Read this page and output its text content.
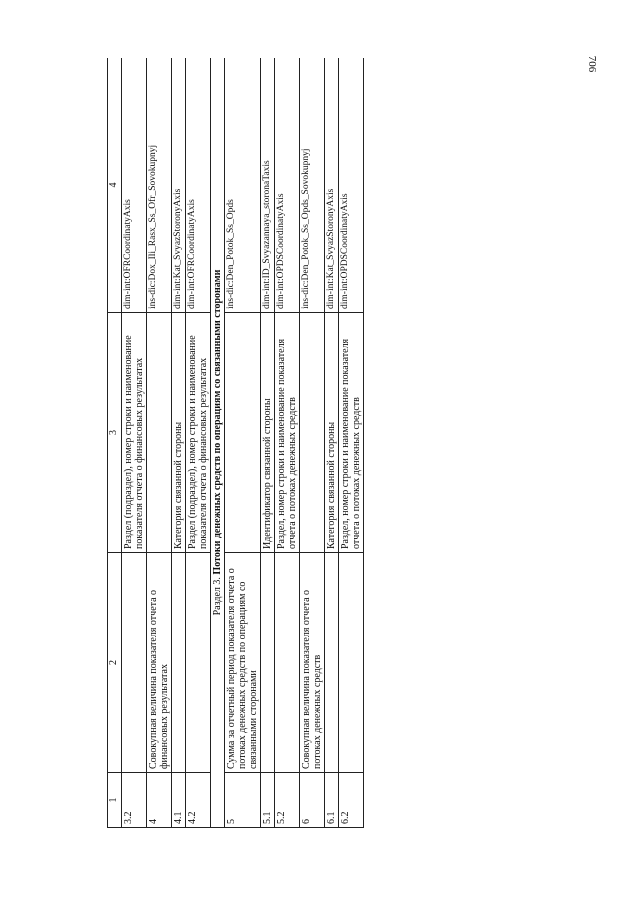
706
1	2	3	4
3.2		Раздел (подраздел), номер строки и наименование показателя отчета о финансовых результатах	dim-int:OFRCoordinatyAxis
4	Совокупная величина показателя отчета о финансовых результатах		ins-dic:Dox_Ili_Rasx_Ss_Ofr_Sovokupnyj
4.1		Категория связанной стороны	dim-int:Kat_SvyazStoronyAxis
4.2		Раздел (подраздел), номер строки и наименование показателя отчета о финансовых результатах	dim-int:OFRCoordinatyAxis
Раздел 3. Потоки денежных средств по операциям со связанными сторонами			
5	Сумма за отчетный период показателя отчета о потоках денежных средств по операциям со связанными сторонами		ins-dic:Den_Potok_Ss_Opds
5.1		Идентификатор связанной стороны	dim-int:ID_Svyazannaya_storonaTaxis
5.2		Раздел, номер строки и наименование показателя отчета о потоках денежных средств	dim-int:OPDSCoordinatyAxis
6	Совокупная величина показателя отчета о потоках денежных средств		ins-dic:Den_Potok_Ss_Opds_Sovokupnyj
6.1		Категория связанной стороны	dim-int:Kat_SvyazStoronyAxis
6.2		Раздел, номер строки и наименование показателя отчета о потоках денежных средств	dim-int:OPDSCoordinatyAxis
